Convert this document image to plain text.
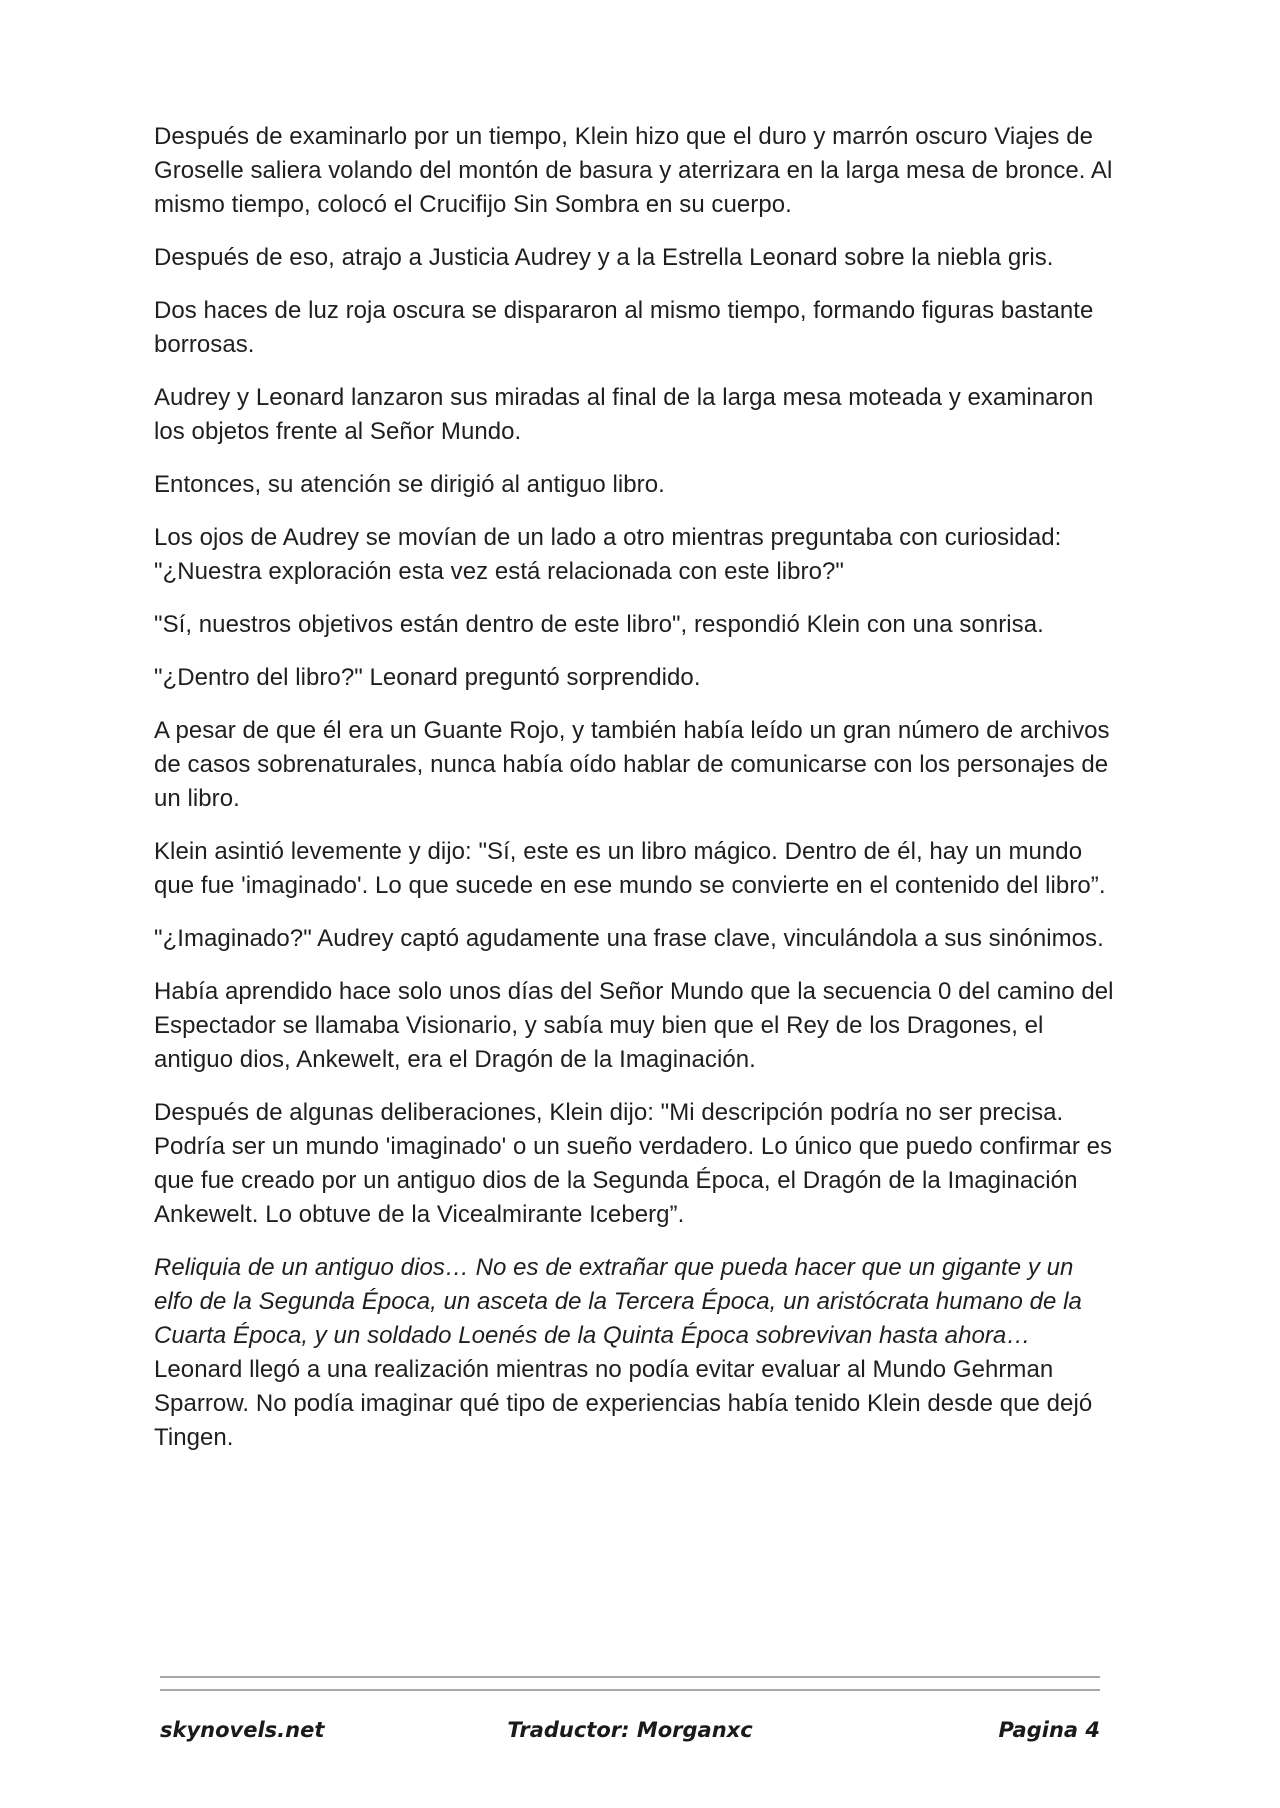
Después de examinarlo por un tiempo, Klein hizo que el duro y marrón oscuro Viajes de Groselle saliera volando del montón de basura y aterrizara en la larga mesa de bronce. Al mismo tiempo, colocó el Crucifijo Sin Sombra en su cuerpo.

Después de eso, atrajo a Justicia Audrey y a la Estrella Leonard sobre la niebla gris.

Dos haces de luz roja oscura se dispararon al mismo tiempo, formando figuras bastante borrosas.

Audrey y Leonard lanzaron sus miradas al final de la larga mesa moteada y examinaron los objetos frente al Señor Mundo.

Entonces, su atención se dirigió al antiguo libro.

Los ojos de Audrey se movían de un lado a otro mientras preguntaba con curiosidad: "¿Nuestra exploración esta vez está relacionada con este libro?"

"Sí, nuestros objetivos están dentro de este libro", respondió Klein con una sonrisa.

"¿Dentro del libro?" Leonard preguntó sorprendido.

A pesar de que él era un Guante Rojo, y también había leído un gran número de archivos de casos sobrenaturales, nunca había oído hablar de comunicarse con los personajes de un libro.

Klein asintió levemente y dijo: "Sí, este es un libro mágico. Dentro de él, hay un mundo que fue 'imaginado'. Lo que sucede en ese mundo se convierte en el contenido del libro”.

"¿Imaginado?" Audrey captó agudamente una frase clave, vinculándola a sus sinónimos.

Había aprendido hace solo unos días del Señor Mundo que la secuencia 0 del camino del Espectador se llamaba Visionario, y sabía muy bien que el Rey de los Dragones, el antiguo dios, Ankewelt, era el Dragón de la Imaginación.

Después de algunas deliberaciones, Klein dijo: "Mi descripción podría no ser precisa. Podría ser un mundo 'imaginado' o un sueño verdadero. Lo único que puedo confirmar es que fue creado por un antiguo dios de la Segunda Época, el Dragón de la Imaginación Ankewelt. Lo obtuve de la Vicealmirante Iceberg”.

Reliquia de un antiguo dios… No es de extrañar que pueda hacer que un gigante y un elfo de la Segunda Época, un asceta de la Tercera Época, un aristócrata humano de la Cuarta Época, y un soldado Loenés de la Quinta Época sobrevivan hasta ahora… Leonard llegó a una realización mientras no podía evitar evaluar al Mundo Gehrman Sparrow. No podía imaginar qué tipo de experiencias había tenido Klein desde que dejó Tingen.

skynovels.net	Traductor: Morganxc	Pagina 4
